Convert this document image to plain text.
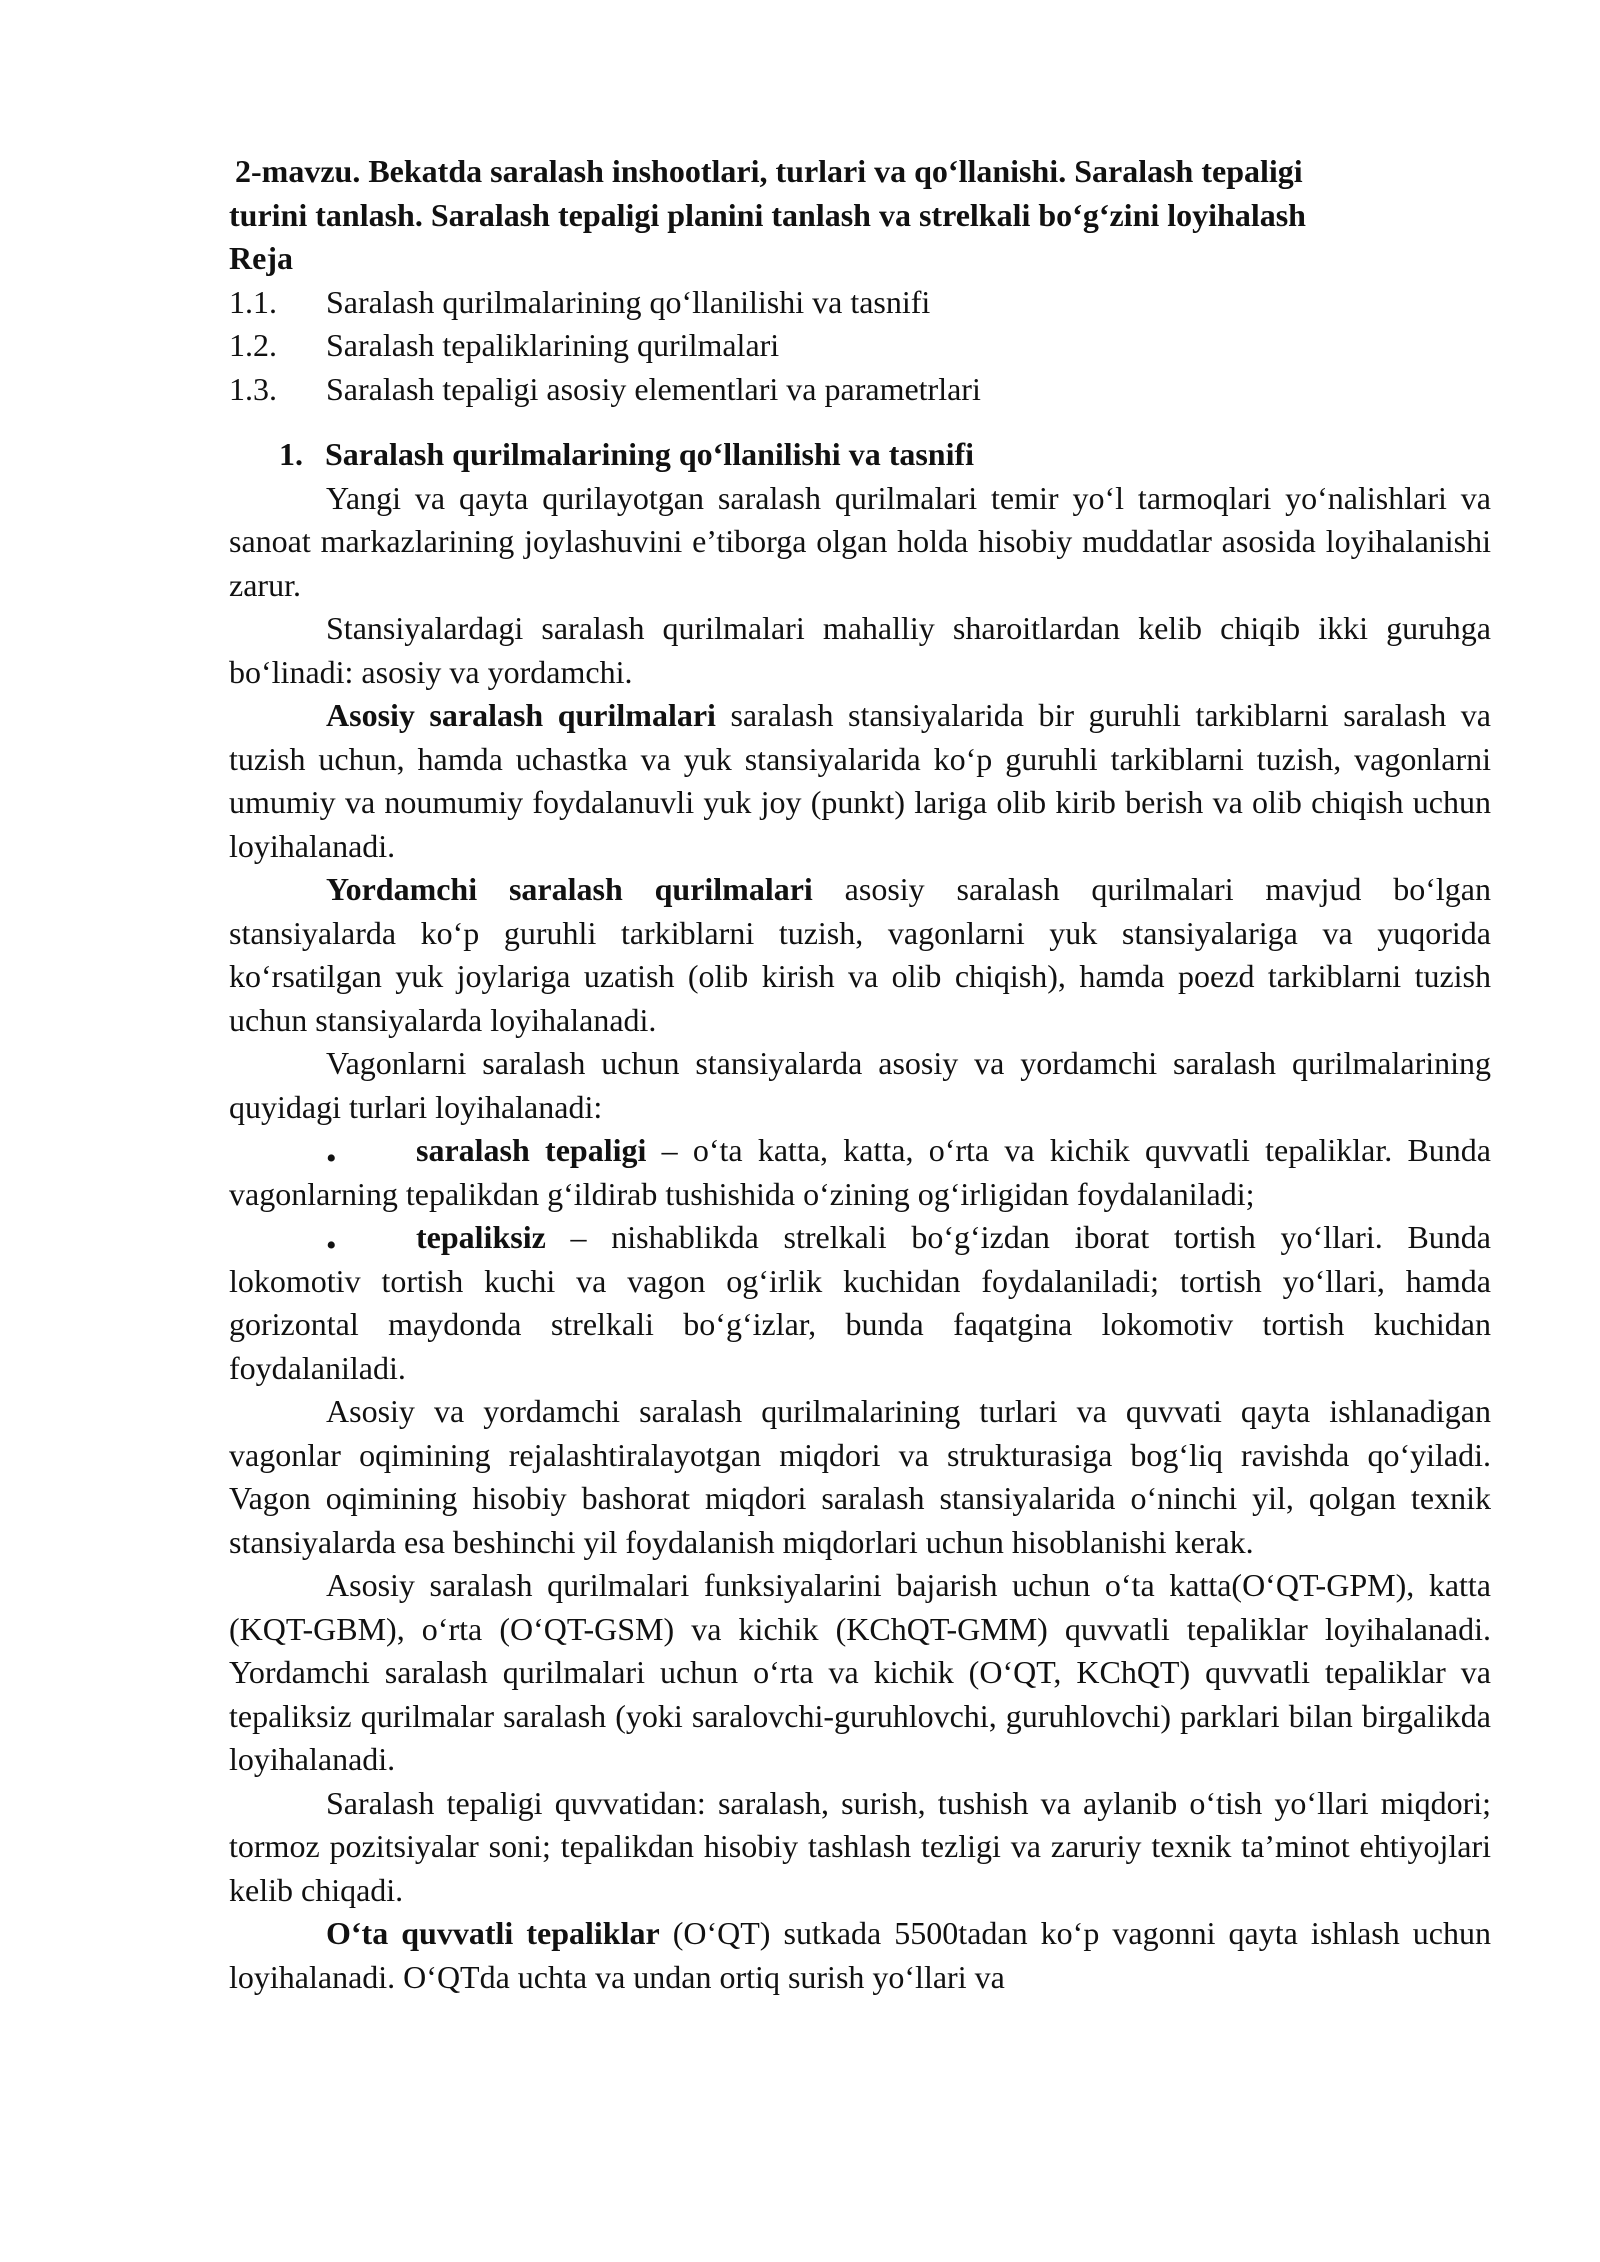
2-mavzu. Bekatda saralash inshootlari, turlari va qo‘llanishi. Saralash tepaligi
turini tanlash. Saralash tepaligi planini tanlash va strelkali bo‘g‘zini loyihalash
Reja
1.1.	Saralash qurilmalarining qo‘llanilishi va tasnifi
1.2.	Saralash tepaliklarining qurilmalari
1.3.	Saralash tepaligi asosiy elementlari va parametrlari
1. Saralash qurilmalarining qo‘llanilishi va tasnifi

Yangi va qayta qurilayotgan saralash qurilmalari temir yo‘l tarmoqlari yo‘nalishlari va sanoat markazlarining joylashuvini e’tiborga olgan holda hisobiy muddatlar asosida loyihalanishi zarur.

Stansiyalardagi saralash qurilmalari mahalliy sharoitlardan kelib chiqib ikki guruhga bo‘linadi: asosiy va yordamchi.

Asosiy saralash qurilmalari saralash stansiyalarida bir guruhli tarkiblarni saralash va tuzish uchun, hamda uchastka va yuk stansiyalarida ko‘p guruhli tarkiblarni tuzish, vagonlarni umumiy va noumumiy foydalanuvli yuk joy (punkt) lariga olib kirib berish va olib chiqish uchun loyihalanadi.

Yordamchi saralash qurilmalari asosiy saralash qurilmalari mavjud bo‘lgan stansiyalarda ko‘p guruhli tarkiblarni tuzish, vagonlarni yuk stansiyalariga va yuqorida ko‘rsatilgan yuk joylariga uzatish (olib kirish va olib chiqish), hamda poezd tarkiblarni tuzish uchun stansiyalarda loyihalanadi.

Vagonlarni saralash uchun stansiyalarda asosiy va yordamchi saralash qurilmalarining quyidagi turlari loyihalanadi:

• saralash tepaligi – o‘ta katta, katta, o‘rta va kichik quvvatli tepaliklar. Bunda vagonlarning tepalikdan g‘ildirab tushishida o‘zining og‘irligidan foydalaniladi;

• tepaliksiz – nishablikda strelkali bo‘g‘izdan iborat tortish yo‘llari. Bunda lokomotiv tortish kuchi va vagon og‘irlik kuchidan foydalaniladi; tortish yo‘llari, hamda gorizontal maydonda strelkali bo‘g‘izlar, bunda faqatgina lokomotiv tortish kuchidan foydalaniladi.

Asosiy va yordamchi saralash qurilmalarining turlari va quvvati qayta ishlanadigan vagonlar oqimining rejalashtiralayotgan miqdori va strukturasiga bog‘liq ravishda qo‘yiladi. Vagon oqimining hisobiy bashorat miqdori saralash stansiyalarida o‘ninchi yil, qolgan texnik stansiyalarda esa beshinchi yil foydalanish miqdorlari uchun hisoblanishi kerak.

Asosiy saralash qurilmalari funksiyalarini bajarish uchun o‘ta katta(O‘QT-GPM), katta (KQT-GBM), o‘rta (O‘QT-GSM) va kichik (KChQT-GMM) quvvatli tepaliklar loyihalanadi. Yordamchi saralash qurilmalari uchun o‘rta va kichik (O‘QT, KChQT) quvvatli tepaliklar va tepaliksiz qurilmalar saralash (yoki saralovchi-guruhlovchi, guruhlovchi) parklari bilan birgalikda loyihalanadi.

Saralash tepaligi quvvatidan: saralash, surish, tushish va aylanib o‘tish yo‘llari miqdori; tormoz pozitsiyalar soni; tepalikdan hisobiy tashlash tezligi va zaruriy texnik ta’minot ehtiyojlari kelib chiqadi.

O‘ta quvvatli tepaliklar (O‘QT) sutkada 5500tadan ko‘p vagonni qayta ishlash uchun loyihalanadi. O‘QTda uchta va undan ortiq surish yo‘llari va
